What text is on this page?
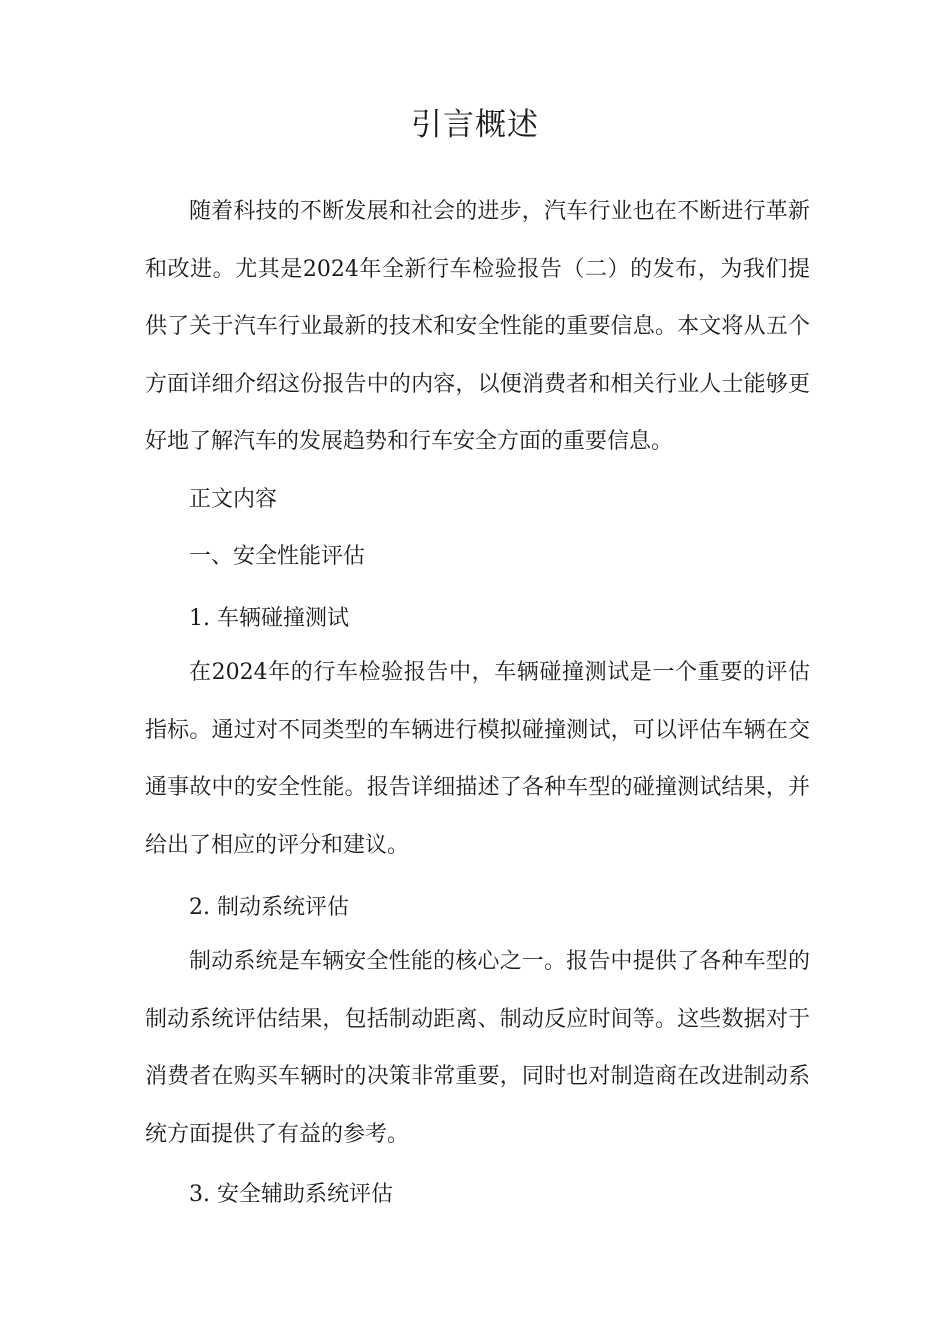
引言概述

随着科技的不断发展和社会的进步，汽车行业也在不断进行革新和改进。尤其是2024年全新行车检验报告（二）的发布，为我们提供了关于汽车行业最新的技术和安全性能的重要信息。本文将从五个方面详细介绍这份报告中的内容，以便消费者和相关行业人士能够更好地了解汽车的发展趋势和行车安全方面的重要信息。

正文内容
一、安全性能评估
1. 车辆碰撞测试

在2024年的行车检验报告中，车辆碰撞测试是一个重要的评估指标。通过对不同类型的车辆进行模拟碰撞测试，可以评估车辆在交通事故中的安全性能。报告详细描述了各种车型的碰撞测试结果，并给出了相应的评分和建议。

2. 制动系统评估

制动系统是车辆安全性能的核心之一。报告中提供了各种车型的制动系统评估结果，包括制动距离、制动反应时间等。这些数据对于消费者在购买车辆时的决策非常重要，同时也对制造商在改进制动系统方面提供了有益的参考。

3. 安全辅助系统评估
